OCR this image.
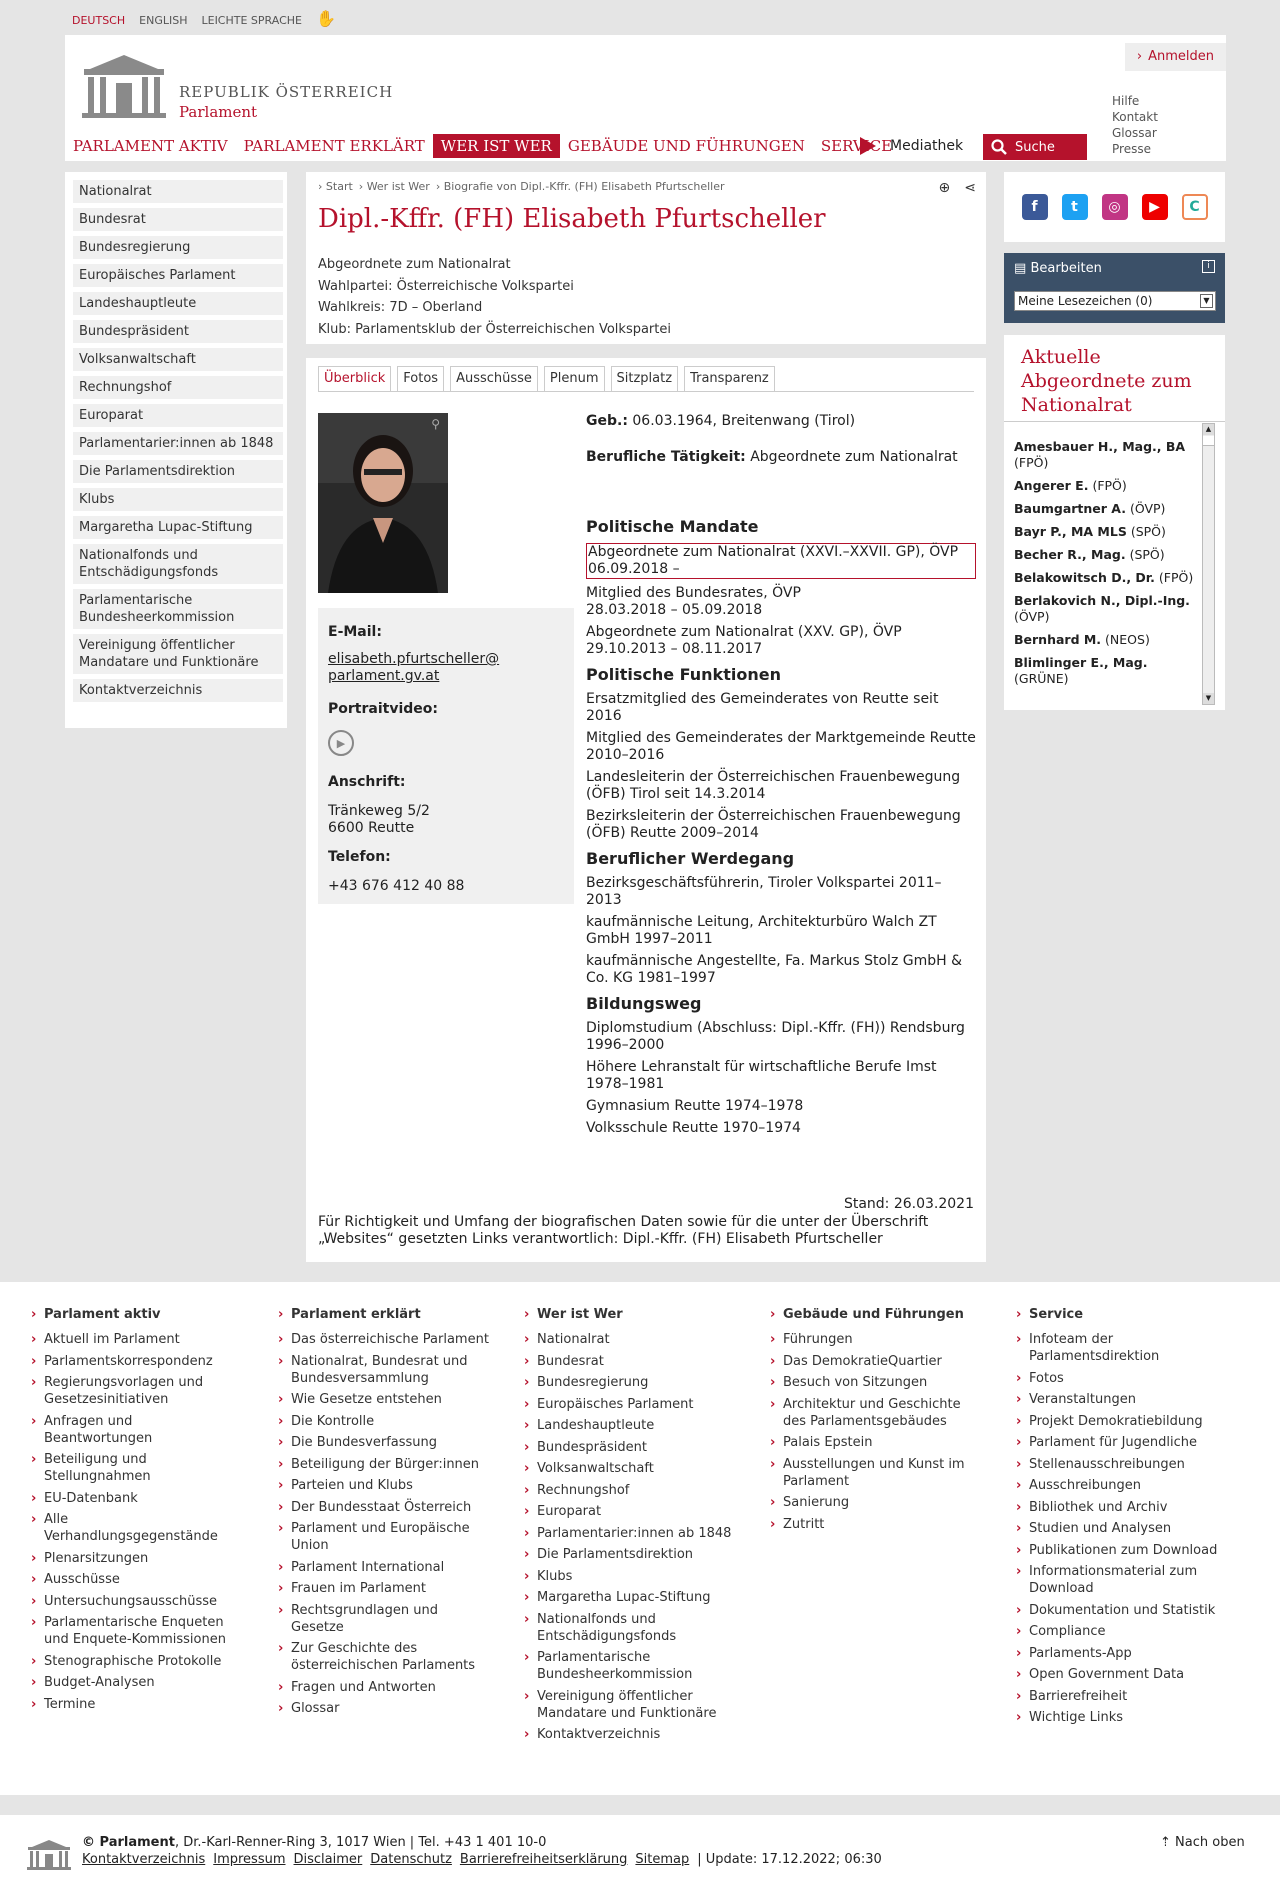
DEUTSCH ENGLISH LEICHTE SPRACHE ✋
REPUBLIK ÖSTERREICH
Parlament
› Anmelden
Hilfe
Kontakt
Glossar
Presse
PARLAMENT AKTIV	PARLAMENT ERKLÄRT	WER IST WER	GEBÄUDE UND FÜHRUNGEN	SERVICE
Mediathek	Suche
Nationalrat
Bundesrat
Bundesregierung
Europäisches Parlament
Landeshauptleute
Bundespräsident
Volksanwaltschaft
Rechnungshof
Europarat
Parlamentarier:innen ab 1848
Die Parlamentsdirektion
Klubs
Margaretha Lupac-Stiftung
Nationalfonds und Entschädigungsfonds
Parlamentarische Bundesheerkommission
Vereinigung öffentlicher Mandatare und Funktionäre
Kontaktverzeichnis
› Start › Wer ist Wer › Biografie von Dipl.-Kffr. (FH) Elisabeth Pfurtscheller	⊕ ⋖
Dipl.-Kffr. (FH) Elisabeth Pfurtscheller
Abgeordnete zum Nationalrat
Wahlpartei: Österreichische Volkspartei
Wahlkreis: 7D – Oberland
Klub: Parlamentsklub der Österreichischen Volkspartei
Überblick	Fotos	Ausschüsse	Plenum	Sitzplatz	Transparenz
⚲
E-Mail:
elisabeth.pfurtscheller@
parlament.gv.at
Portraitvideo:
▶
Anschrift:
Tränkeweg 5/2
6600 Reutte
Telefon:
+43 676 412 40 88
Geb.: 06.03.1964, Breitenwang (Tirol)
Berufliche Tätigkeit: Abgeordnete zum Nationalrat
Politische Mandate
Abgeordnete zum Nationalrat (XXVI.–XXVII. GP), ÖVP
06.09.2018 –
Mitglied des Bundesrates, ÖVP
28.03.2018 – 05.09.2018
Abgeordnete zum Nationalrat (XXV. GP), ÖVP
29.10.2013 – 08.11.2017
Politische Funktionen
Ersatzmitglied des Gemeinderates von Reutte seit 2016
Mitglied des Gemeinderates der Marktgemeinde Reutte 2010–2016
Landesleiterin der Österreichischen Frauenbewegung (ÖFB) Tirol seit 14.3.2014
Bezirksleiterin der Österreichischen Frauenbewegung (ÖFB) Reutte 2009–2014
Beruflicher Werdegang
Bezirksgeschäftsführerin, Tiroler Volkspartei 2011–2013
kaufmännische Leitung, Architekturbüro Walch ZT GmbH 1997–2011
kaufmännische Angestellte, Fa. Markus Stolz GmbH & Co. KG 1981–1997
Bildungsweg
Diplomstudium (Abschluss: Dipl.-Kffr. (FH)) Rendsburg 1996–2000
Höhere Lehranstalt für wirtschaftliche Berufe Imst 1978–1981
Gymnasium Reutte 1974–1978
Volksschule Reutte 1970–1974
Stand: 26.03.2021
Für Richtigkeit und Umfang der biografischen Daten sowie für die unter der Überschrift „Websites“ gesetzten Links verantwortlich: Dipl.-Kffr. (FH) Elisabeth Pfurtscheller
f	t	◎	▶	C
▤ Bearbeiten	i
Meine Lesezeichen (0)	▼
Aktuelle Abgeordnete zum Nationalrat
Amesbauer H., Mag., BA (FPÖ)
Angerer E. (FPÖ)
Baumgartner A. (ÖVP)
Bayr P., MA MLS (SPÖ)
Becher R., Mag. (SPÖ)
Belakowitsch D., Dr. (FPÖ)
Berlakovich N., Dipl.-Ing. (ÖVP)
Bernhard M. (NEOS)
Blimlinger E., Mag. (GRÜNE)
▲
▼
› Parlament aktiv
› Aktuell im Parlament
› Parlamentskorrespondenz
› Regierungsvorlagen und Gesetzesinitiativen
› Anfragen und Beantwortungen
› Beteiligung und Stellungnahmen
› EU-Datenbank
› Alle Verhandlungsgegenstände
› Plenarsitzungen
› Ausschüsse
› Untersuchungsausschüsse
› Parlamentarische Enqueten und Enquete-Kommissionen
› Stenographische Protokolle
› Budget-Analysen
› Termine
› Parlament erklärt
› Das österreichische Parlament
› Nationalrat, Bundesrat und Bundesversammlung
› Wie Gesetze entstehen
› Die Kontrolle
› Die Bundesverfassung
› Beteiligung der Bürger:innen
› Parteien und Klubs
› Der Bundesstaat Österreich
› Parlament und Europäische Union
› Parlament International
› Frauen im Parlament
› Rechtsgrundlagen und Gesetze
› Zur Geschichte des österreichischen Parlaments
› Fragen und Antworten
› Glossar
› Wer ist Wer
› Nationalrat
› Bundesrat
› Bundesregierung
› Europäisches Parlament
› Landeshauptleute
› Bundespräsident
› Volksanwaltschaft
› Rechnungshof
› Europarat
› Parlamentarier:innen ab 1848
› Die Parlamentsdirektion
› Klubs
› Margaretha Lupac-Stiftung
› Nationalfonds und Entschädigungsfonds
› Parlamentarische Bundesheerkommission
› Vereinigung öffentlicher Mandatare und Funktionäre
› Kontaktverzeichnis
› Gebäude und Führungen
› Führungen
› Das DemokratieQuartier
› Besuch von Sitzungen
› Architektur und Geschichte des Parlamentsgebäudes
› Palais Epstein
› Ausstellungen und Kunst im Parlament
› Sanierung
› Zutritt
› Service
› Infoteam der Parlamentsdirektion
› Fotos
› Veranstaltungen
› Projekt Demokratiebildung
› Parlament für Jugendliche
› Stellenausschreibungen
› Ausschreibungen
› Bibliothek und Archiv
› Studien und Analysen
› Publikationen zum Download
› Informationsmaterial zum Download
› Dokumentation und Statistik
› Compliance
› Parlaments-App
› Open Government Data
› Barrierefreiheit
› Wichtige Links
© Parlament, Dr.-Karl-Renner-Ring 3, 1017 Wien | Tel. +43 1 401 10-0
Kontaktverzeichnis Impressum Disclaimer Datenschutz Barrierefreiheitserklärung Sitemap | Update: 17.12.2022; 06:30
⇡ Nach oben
